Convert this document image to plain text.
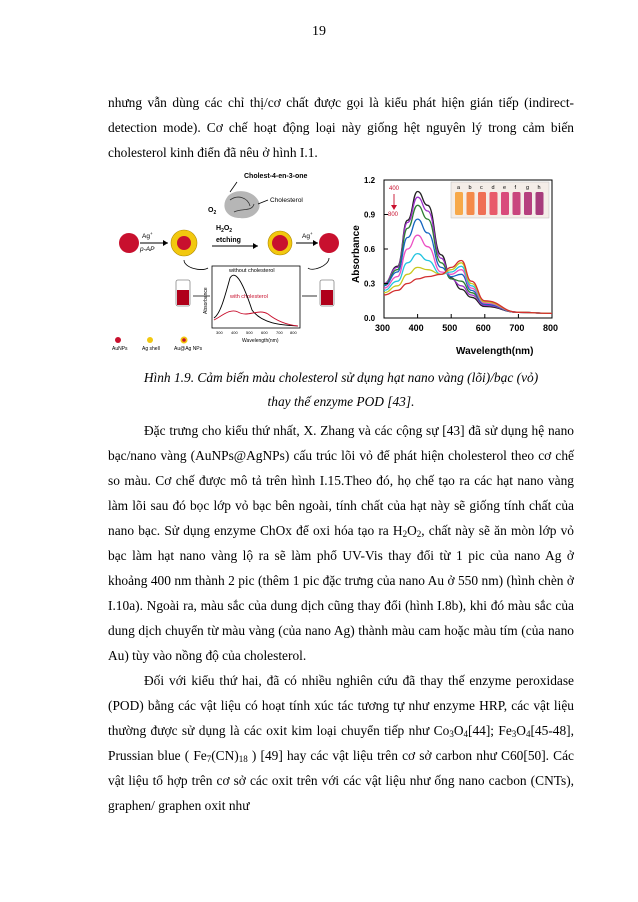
19

nhưng vẫn dùng các chỉ thị/cơ chất được gọi là kiểu phát hiện gián tiếp (indirect-detection mode). Cơ chế hoạt động loại này giống hệt nguyên lý trong cảm biến cholesterol kinh điển đã nêu ở hình I.1.

Cholest-4-en-3-one
Cholesterol
$O_2$
$H_2O_2$
etching
Ag+
p-AP
Ag+
without cholesterol
with cholesterol
Absorbance
300 400 500 600 700 800
Wavelength(nm)
AuNPs	Ag shell	Au@Ag NPs
300 400 500 600 700 800
0.0
0.3
0.6
0.9
1.2
Wavelength(nm)
Absorbance
400
800
a b c d e f g h
Hình 1.9. Cảm biến màu cholesterol sử dụng hạt nano vàng (lõi)/bạc (vỏ)
thay thế enzyme POD [43].

Đặc trưng cho kiểu thứ nhất, X. Zhang và các cộng sự [43] đã sử dụng hệ nano bạc/nano vàng (AuNPs@AgNPs) cấu trúc lõi vỏ để phát hiện cholesterol theo cơ chế so màu. Cơ chế được mô tả trên hình I.15.Theo đó, họ chế tạo ra các hạt nano vàng làm lõi sau đó bọc lớp vỏ bạc bên ngoài, tính chất của hạt này sẽ giống tính chất của nano bạc. Sử dụng enzyme ChOx để oxi hóa tạo ra $H_2O_2$, chất này sẽ ăn mòn lớp vỏ bạc làm hạt nano vàng lộ ra sẽ làm phổ UV-Vis thay đổi từ 1 pic của nano Ag ở khoảng 400 nm thành 2 pic (thêm 1 pic đặc trưng của nano Au ở 550 nm) (hình chèn ở I.10a). Ngoài ra, màu sắc của dung dịch cũng thay đổi (hình I.8b), khi đó màu sắc của dung dịch chuyển từ màu vàng (của nano Ag) thành màu cam hoặc màu tím (của nano Au) tùy vào nồng độ của cholesterol.

Đối với kiểu thứ hai, đã có nhiều nghiên cứu đã thay thế enzyme peroxidase (POD) bằng các vật liệu có hoạt tính xúc tác tương tự như enzyme HRP, các vật liệu thường được sử dụng là các oxit kim loại chuyển tiếp như $Co_3O_4[44]$; $Fe_3O_4[45-48]$, Prussian blue ( $Fe_7(CN)_{18}$ ) [49] hay các vật liệu trên cơ sở carbon như C60[50]. Các vật liệu tổ hợp trên cơ sở các oxit trên với các vật liệu như ống nano cacbon (CNTs), graphen/ graphen oxit như
